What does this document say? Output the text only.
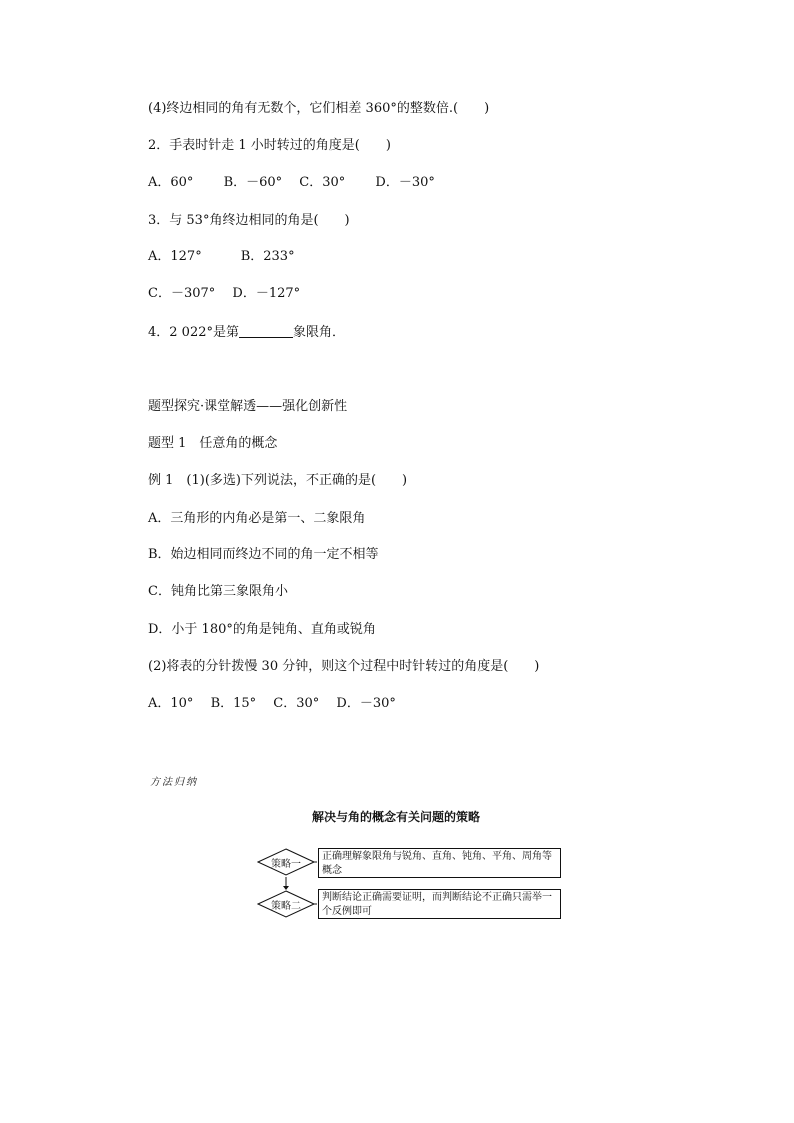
(4)终边相同的角有无数个，它们相差 360°的整数倍.(　　)
2．手表时针走 1 小时转过的角度是(　　)
A．60°　　 B．－60°　 C．30°　　 D．－30°
3．与 53°角终边相同的角是(　　)
A．127°　　　B．233°
C．－307°　 D．－127°
4．2 022°是第	象限角．
题型探究·课堂解透——强化创新性
题型 1　任意角的概念
例 1　(1)(多选)下列说法，不正确的是(　　)
A．三角形的内角必是第一、二象限角
B．始边相同而终边不同的角一定不相等
C．钝角比第三象限角小
D．小于 180°的角是钝角、直角或锐角
(2)将表的分针拨慢 30 分钟，则这个过程中时针转过的角度是(　　)
A．10°　 B．15°　 C．30°　 D．－30°
方法归纳
解决与角的概念有关问题的策略
策略一
正确理解象限角与锐角、直角、钝角、平角、周角等概念
策略二
判断结论正确需要证明，而判断结论不正确只需举一个反例即可
